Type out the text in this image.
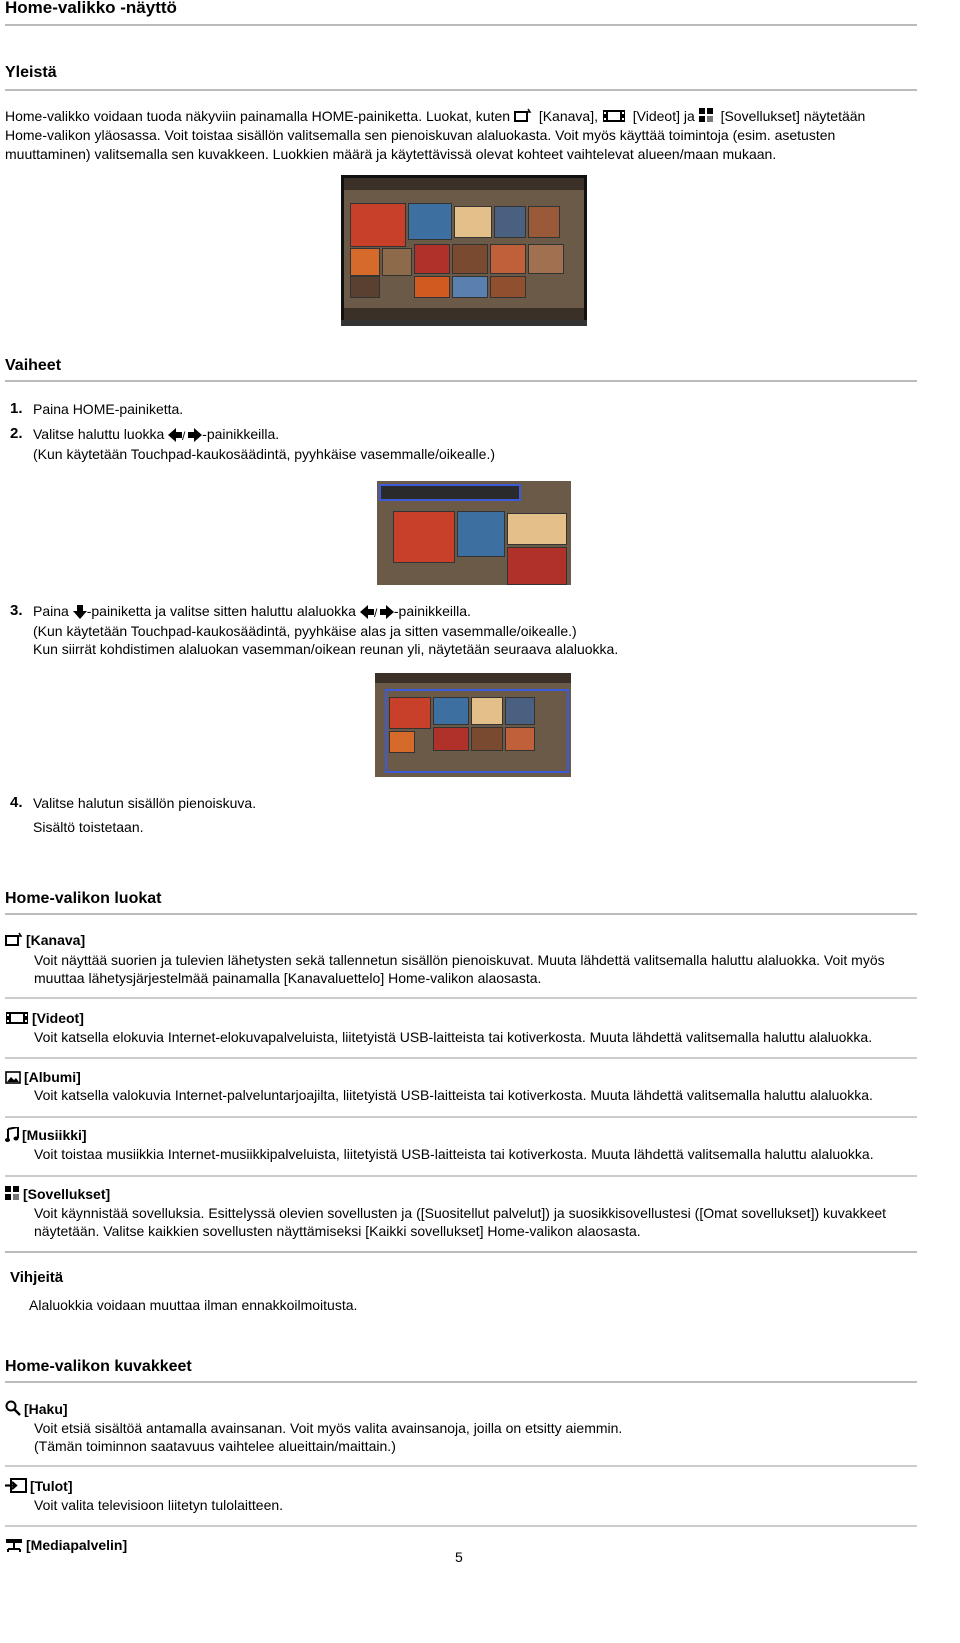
Home-valikko -näyttö
Yleistä
Home-valikko voidaan tuoda näkyviin painamalla HOME-painiketta. Luokat, kuten [Kanava], [Videot] ja [Sovellukset] näytetään
Home-valikon yläosassa. Voit toistaa sisällön valitsemalla sen pienoiskuvan alaluokasta. Voit myös käyttää toimintoja (esim. asetusten
muuttaminen) valitsemalla sen kuvakkeen. Luokkien määrä ja käytettävissä olevat kohteet vaihtelevat alueen/maan mukaan.
Vaiheet
1. Paina HOME-painiketta.
2. Valitse haluttu luokka / -painikkeilla.
(Kun käytetään Touchpad-kaukosäädintä, pyyhkäise vasemmalle/oikealle.)
3. Paina -painiketta ja valitse sitten haluttu alaluokka / -painikkeilla.
(Kun käytetään Touchpad-kaukosäädintä, pyyhkäise alas ja sitten vasemmalle/oikealle.)
Kun siirrät kohdistimen alaluokan vasemman/oikean reunan yli, näytetään seuraava alaluokka.
4. Valitse halutun sisällön pienoiskuva.
Sisältö toistetaan.
Home-valikon luokat
[Kanava]
Voit näyttää suorien ja tulevien lähetysten sekä tallennetun sisällön pienoiskuvat. Muuta lähdettä valitsemalla haluttu alaluokka. Voit myös
muuttaa lähetysjärjestelmää painamalla [Kanavaluettelo] Home-valikon alaosasta.
[Videot]
Voit katsella elokuvia Internet-elokuvapalveluista, liitetyistä USB-laitteista tai kotiverkosta. Muuta lähdettä valitsemalla haluttu alaluokka.
[Albumi]
Voit katsella valokuvia Internet-palveluntarjoajilta, liitetyistä USB-laitteista tai kotiverkosta. Muuta lähdettä valitsemalla haluttu alaluokka.
[Musiikki]
Voit toistaa musiikkia Internet-musiikkipalveluista, liitetyistä USB-laitteista tai kotiverkosta. Muuta lähdettä valitsemalla haluttu alaluokka.
[Sovellukset]
Voit käynnistää sovelluksia. Esittelyssä olevien sovellusten ja ([Suositellut palvelut]) ja suosikkisovellustesi ([Omat sovellukset]) kuvakkeet
näytetään. Valitse kaikkien sovellusten näyttämiseksi [Kaikki sovellukset] Home-valikon alaosasta.
Vihjeitä
Alaluokkia voidaan muuttaa ilman ennakkoilmoitusta.
Home-valikon kuvakkeet
[Haku]
Voit etsiä sisältöä antamalla avainsanan. Voit myös valita avainsanoja, joilla on etsitty aiemmin.
(Tämän toiminnon saatavuus vaihtelee alueittain/maittain.)
[Tulot]
Voit valita televisioon liitetyn tulolaitteen.
[Mediapalvelin]
5
